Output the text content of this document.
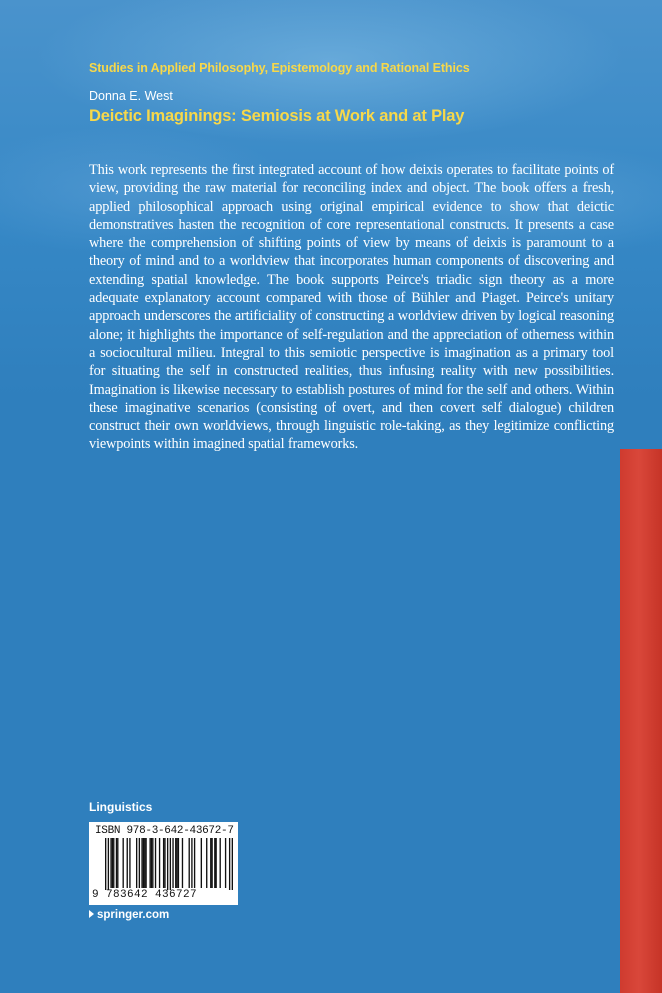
Studies in Applied Philosophy, Epistemology and Rational Ethics
Donna E. West
Deictic Imaginings: Semiosis at Work and at Play
This work represents the first integrated account of how deixis operates to facilitate points of view, providing the raw material for reconciling index and object. The book offers a fresh, applied philosophical approach using original empirical evidence to show that deictic demonstratives hasten the recognition of core representational constructs. It presents a case where the comprehension of shifting points of view by means of deixis is paramount to a theory of mind and to a worldview that incorporates human components of discovering and extending spatial knowledge. The book supports Peirce's triadic sign theory as a more adequate explanatory account compared with those of Bühler and Piaget. Peirce's unitary approach underscores the artificiality of constructing a worldview driven by logical reasoning alone; it highlights the importance of self-regulation and the appreciation of otherness within a sociocultural milieu. Integral to this semiotic perspective is imagination as a primary tool for situating the self in constructed realities, thus infusing reality with new possibilities. Imagination is likewise necessary to establish postures of mind for the self and others. Within these imaginative scenarios (consisting of overt, and then covert self dialogue) children construct their own worldviews, through linguistic role-taking, as they legitimize conflicting viewpoints within imagined spatial frameworks.
Linguistics
ISBN 978-3-642-43672-7
9 783642 436727
springer.com
